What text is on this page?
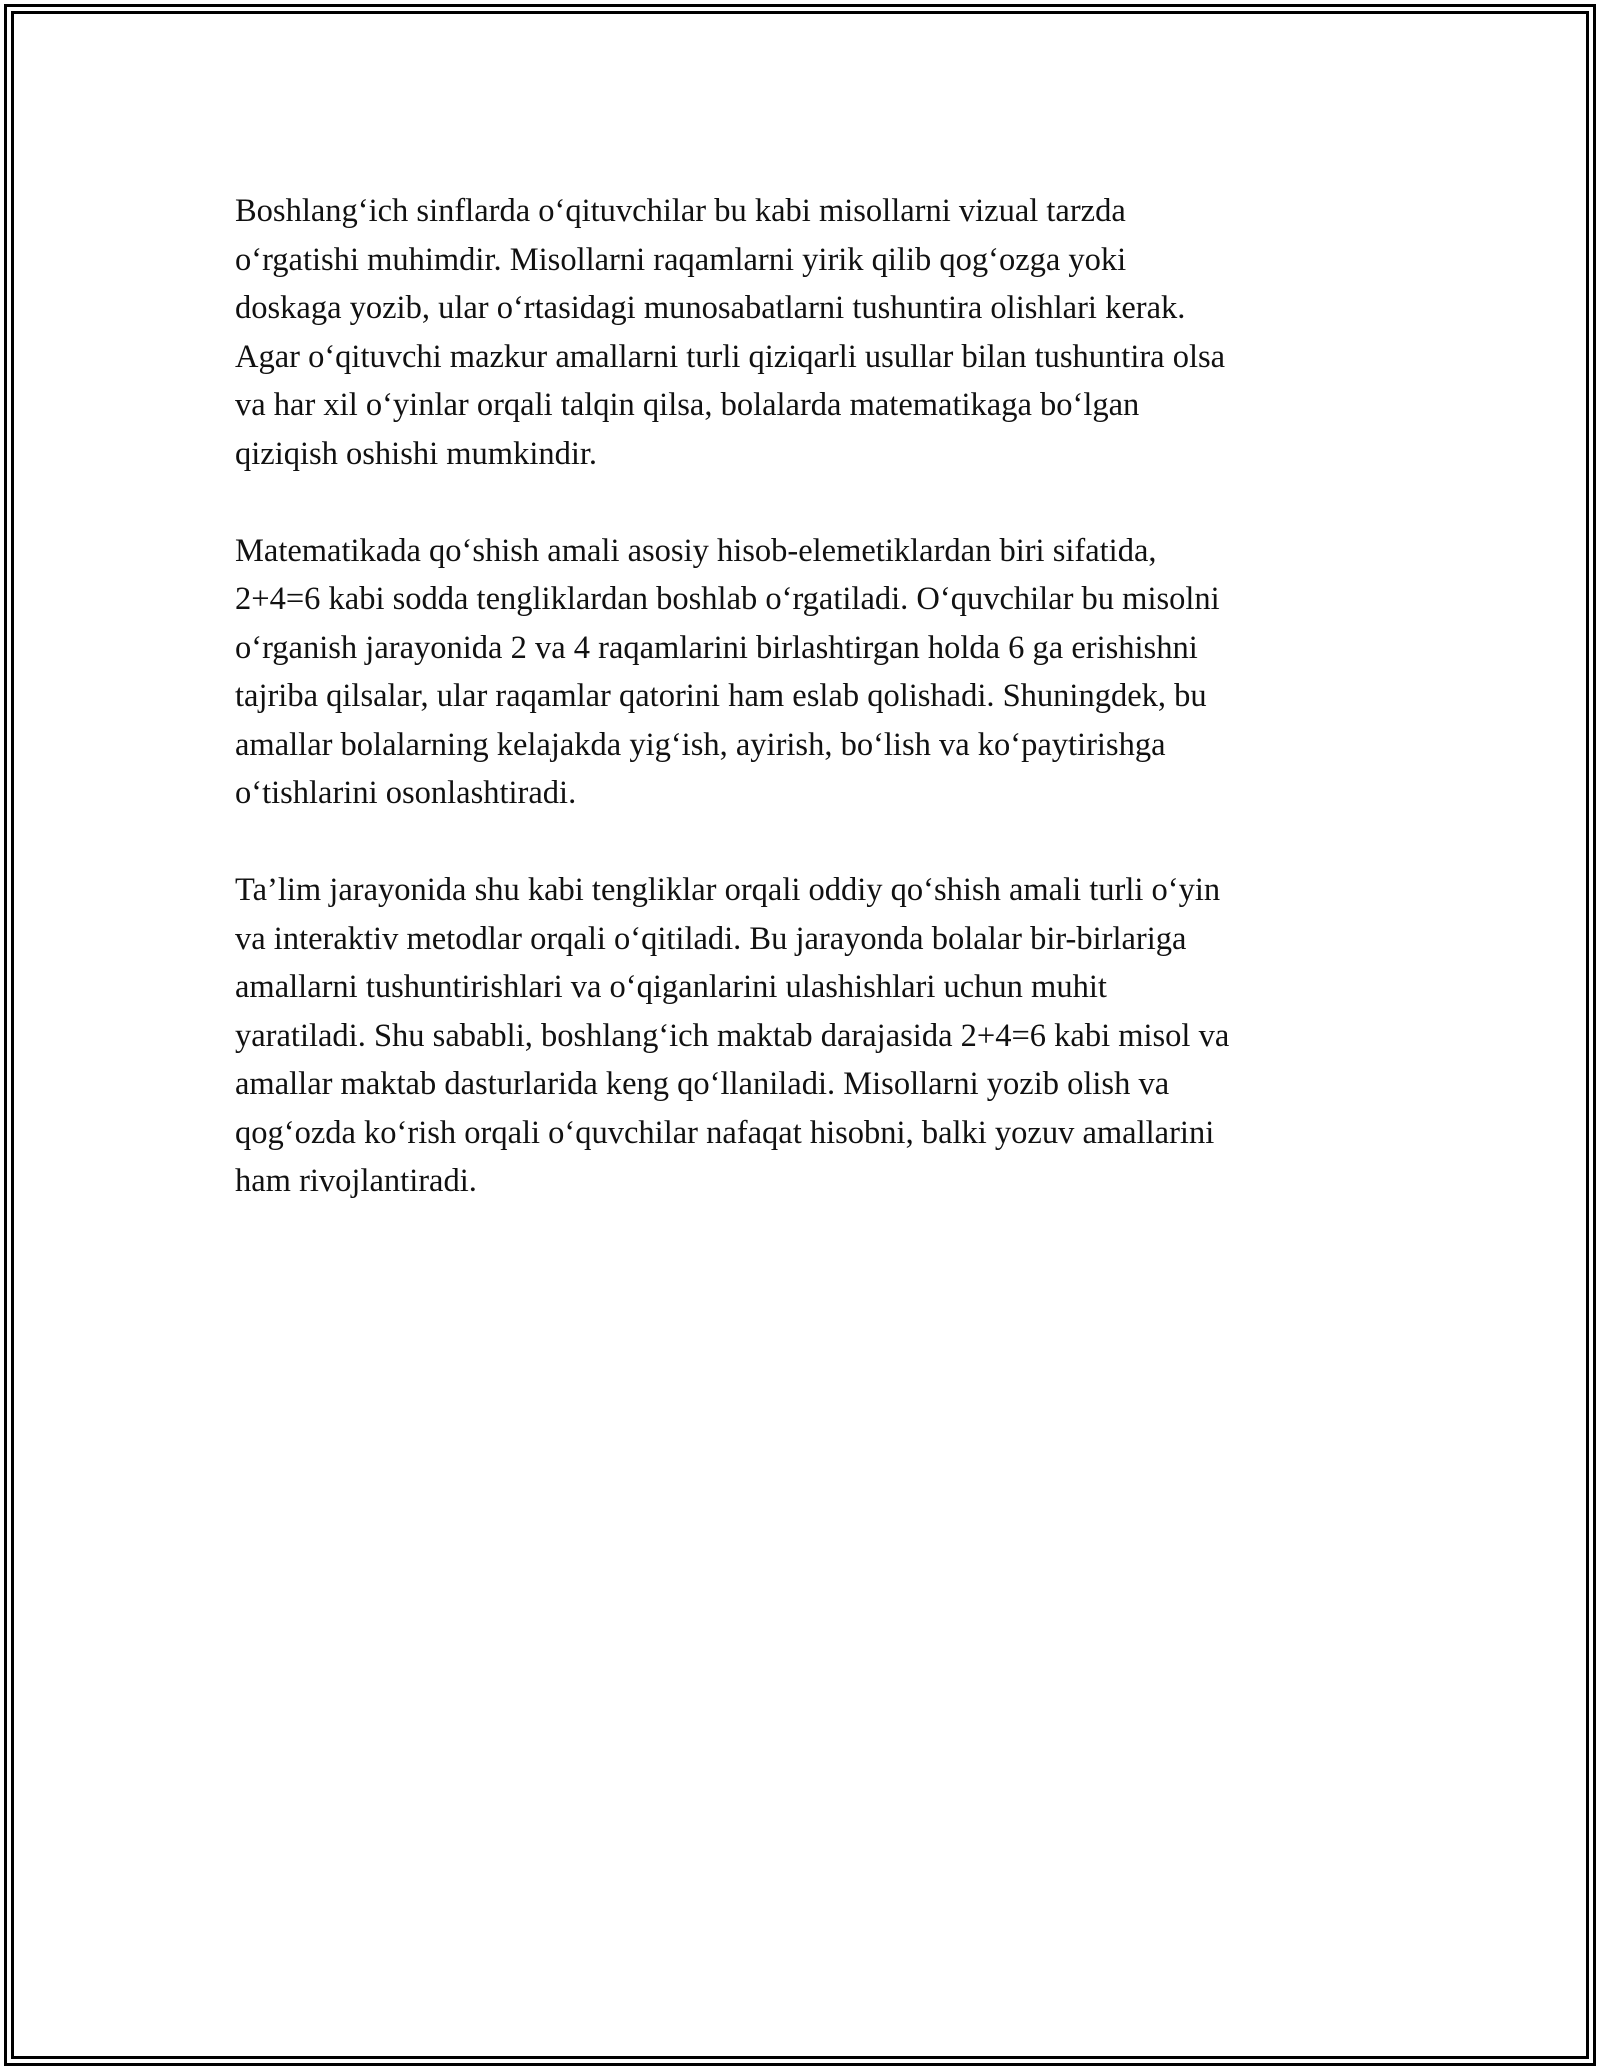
Boshlang‘ich sinflarda o‘qituvchilar bu kabi misollarni vizual tarzda
o‘rgatishi muhimdir. Misollarni raqamlarni yirik qilib qog‘ozga yoki
doskaga yozib, ular o‘rtasidagi munosabatlarni tushuntira olishlari kerak.
Agar o‘qituvchi mazkur amallarni turli qiziqarli usullar bilan tushuntira olsa
va har xil o‘yinlar orqali talqin qilsa, bolalarda matematikaga bo‘lgan
qiziqish oshishi mumkindir.

Matematikada qo‘shish amali asosiy hisob-elemetiklardan biri sifatida,
2+4=6 kabi sodda tengliklardan boshlab o‘rgatiladi. O‘quvchilar bu misolni
o‘rganish jarayonida 2 va 4 raqamlarini birlashtirgan holda 6 ga erishishni
tajriba qilsalar, ular raqamlar qatorini ham eslab qolishadi. Shuningdek, bu
amallar bolalarning kelajakda yig‘ish, ayirish, bo‘lish va ko‘paytirishga
o‘tishlarini osonlashtiradi.

Ta’lim jarayonida shu kabi tengliklar orqali oddiy qo‘shish amali turli o‘yin
va interaktiv metodlar orqali o‘qitiladi. Bu jarayonda bolalar bir-birlariga
amallarni tushuntirishlari va o‘qiganlarini ulashishlari uchun muhit
yaratiladi. Shu sababli, boshlang‘ich maktab darajasida 2+4=6 kabi misol va
amallar maktab dasturlarida keng qo‘llaniladi. Misollarni yozib olish va
qog‘ozda ko‘rish orqali o‘quvchilar nafaqat hisobni, balki yozuv amallarini
ham rivojlantiradi.
